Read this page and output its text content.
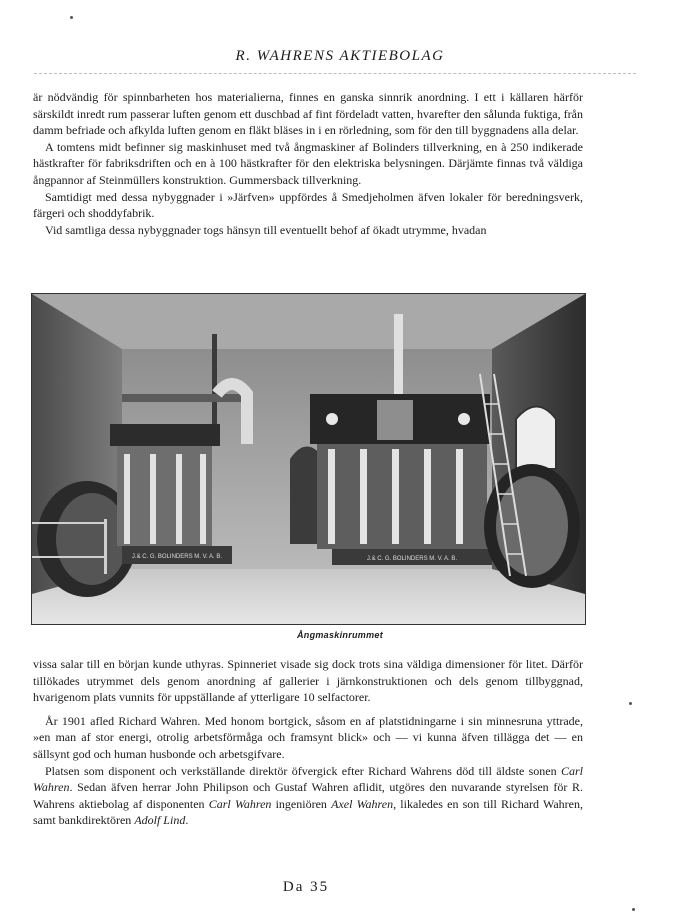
R. WAHRENS AKTIEBOLAG

är nödvändig för spinnbarheten hos materialierna, finnes en ganska sinnrik anordning. I ett i källaren härför särskildt inredt rum passerar luften genom ett duschbad af fint fördeladt vatten, hvarefter den sålunda fuktiga, från damm befriade och afkylda luften genom en fläkt bläses in i en rörledning, som för den till byggnadens alla delar.

A tomtens midt befinner sig maskinhuset med två ångmaskiner af Bolinders tillverkning, en à 250 indikerade hästkrafter för fabriksdriften och en à 100 hästkrafter för den elektriska belysningen. Därjämte finnas två väldiga ångpannor af Steinmüllers konstruktion. Gummersback tillverkning.

Samtidigt med dessa nybyggnader i »Järfven» uppfördes å Smedjeholmen äfven lokaler för beredningsverk, färgeri och shoddyfabrik.

Vid samtliga dessa nybyggnader togs hänsyn till eventuellt behof af ökadt utrymme, hvadan

J.& C. G. BOLINDERS M. V. A. B.	J.& C. G. BOLINDERS M. V. A. B.
Ångmaskinrummet

vissa salar till en början kunde uthyras. Spinneriet visade sig dock trots sina väldiga dimensioner för litet. Därför tillökades utrymmet dels genom anordning af gallerier i järnkonstruktionen och dels genom tillbyggnad, hvarigenom plats vunnits för uppställande af ytterligare 10 selfactorer.

År 1901 afled Richard Wahren. Med honom bortgick, såsom en af platstidningarne i sin minnesruna yttrade, »en man af stor energi, otrolig arbetsförmåga och framsynt blick» och — vi kunna äfven tillägga det — en sällsynt god och human husbonde och arbetsgifvare.

Platsen som disponent och verkställande direktör öfvergick efter Richard Wahrens död till äldste sonen Carl Wahren. Sedan äfven herrar John Philipson och Gustaf Wahren aflidit, utgöres den nuvarande styrelsen för R. Wahrens aktiebolag af disponenten Carl Wahren ingeniören Axel Wahren, likaledes en son till Richard Wahren, samt bankdirektören Adolf Lind.

Da 35
